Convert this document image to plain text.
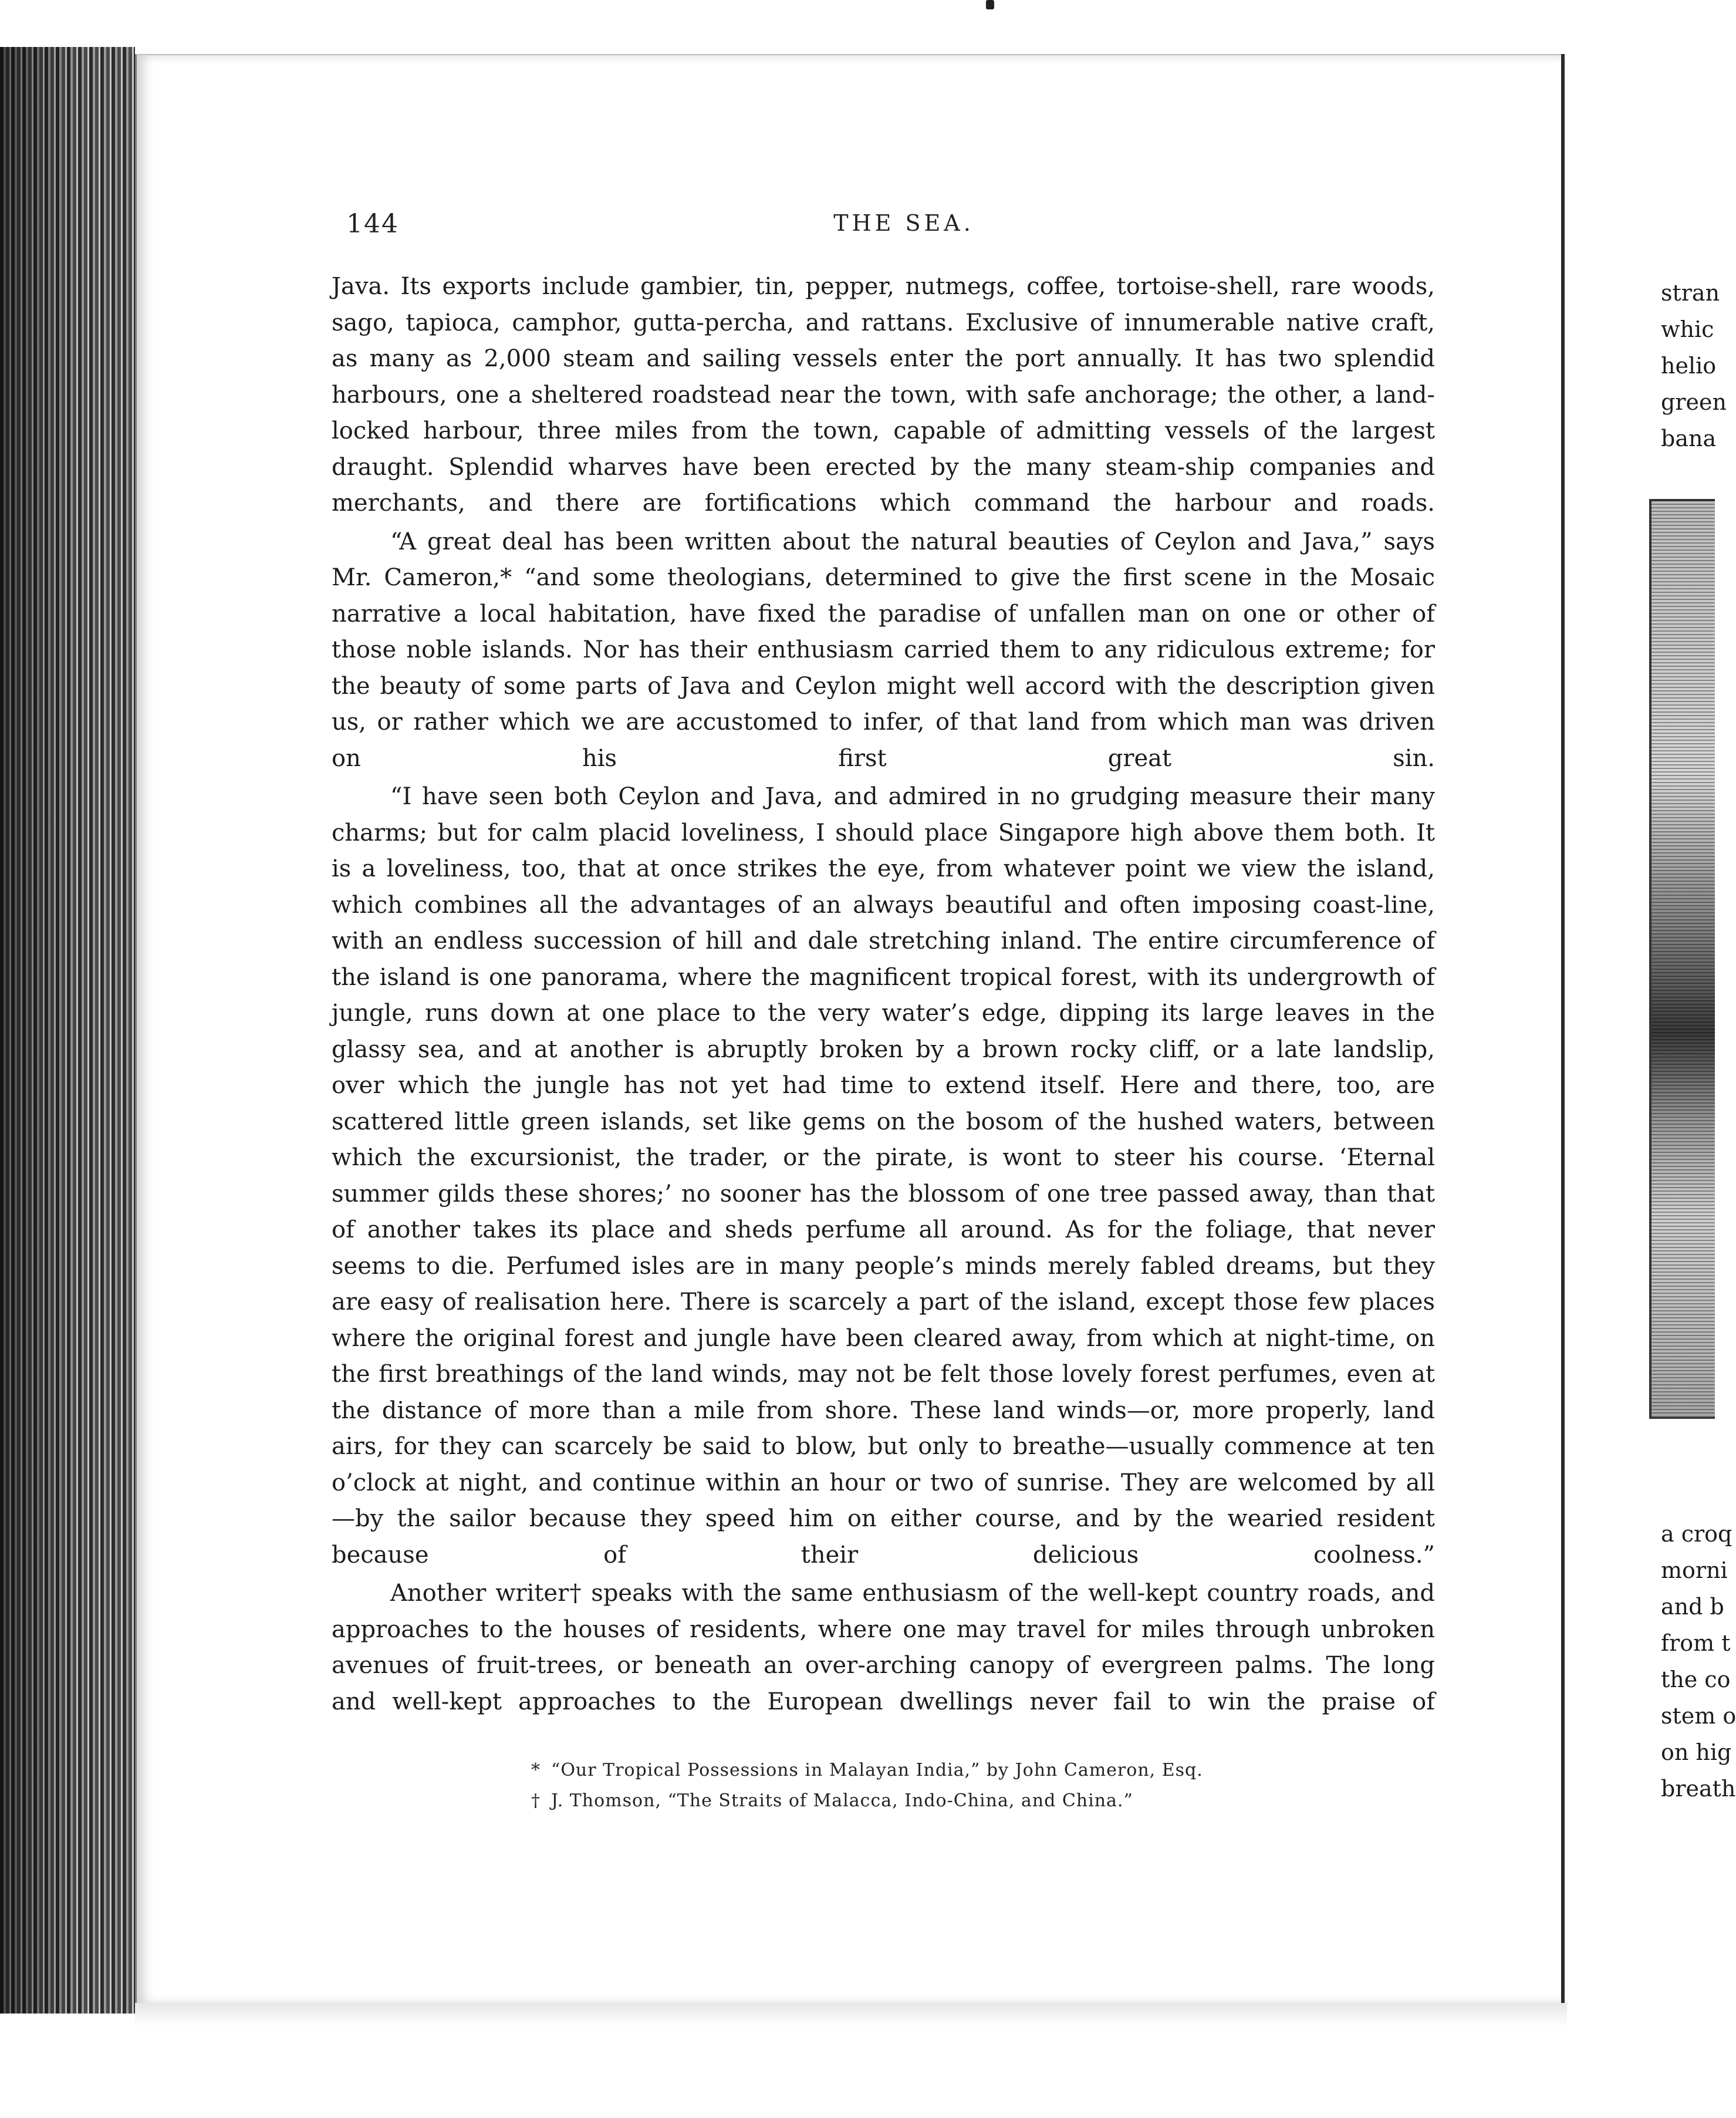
144	THE SEA.

Java. Its exports include gambier, tin, pepper, nutmegs, coffee, tortoise-shell, rare woods, sago, tapioca, camphor, gutta-percha, and rattans. Exclusive of innumerable native craft, as many as 2,000 steam and sailing vessels enter the port annually. It has two splendid harbours, one a sheltered roadstead near the town, with safe anchorage; the other, a land-locked harbour, three miles from the town, capable of admitting vessels of the largest draught. Splendid wharves have been erected by the many steam-ship companies and merchants, and there are fortifications which command the harbour and roads.

“A great deal has been written about the natural beauties of Ceylon and Java,” says Mr. Cameron,* “and some theologians, determined to give the first scene in the Mosaic narrative a local habitation, have fixed the paradise of unfallen man on one or other of those noble islands. Nor has their enthusiasm carried them to any ridiculous extreme; for the beauty of some parts of Java and Ceylon might well accord with the description given us, or rather which we are accustomed to infer, of that land from which man was driven on his first great sin.

“I have seen both Ceylon and Java, and admired in no grudging measure their many charms; but for calm placid loveliness, I should place Singapore high above them both. It is a loveliness, too, that at once strikes the eye, from whatever point we view the island, which combines all the advantages of an always beautiful and often imposing coast-line, with an endless succession of hill and dale stretching inland. The entire circumference of the island is one panorama, where the magnificent tropical forest, with its undergrowth of jungle, runs down at one place to the very water’s edge, dipping its large leaves in the glassy sea, and at another is abruptly broken by a brown rocky cliff, or a late landslip, over which the jungle has not yet had time to extend itself. Here and there, too, are scattered little green islands, set like gems on the bosom of the hushed waters, between which the excursionist, the trader, or the pirate, is wont to steer his course. ‘Eternal summer gilds these shores;’ no sooner has the blossom of one tree passed away, than that of another takes its place and sheds perfume all around. As for the foliage, that never seems to die. Perfumed isles are in many people’s minds merely fabled dreams, but they are easy of realisation here. There is scarcely a part of the island, except those few places where the original forest and jungle have been cleared away, from which at night-time, on the first breathings of the land winds, may not be felt those lovely forest perfumes, even at the distance of more than a mile from shore. These land winds—or, more properly, land airs, for they can scarcely be said to blow, but only to breathe—usually commence at ten o’clock at night, and continue within an hour or two of sunrise. They are welcomed by all—by the sailor because they speed him on either course, and by the wearied resident because of their delicious coolness.”

Another writer† speaks with the same enthusiasm of the well-kept country roads, and approaches to the houses of residents, where one may travel for miles through unbroken avenues of fruit-trees, or beneath an over-arching canopy of evergreen palms. The long and well-kept approaches to the European dwellings never fail to win the praise of

* “Our Tropical Possessions in Malayan India,” by John Cameron, Esq.
† J. Thomson, “The Straits of Malacca, Indo-China, and China.”
stran
whic
helio
green
bana
a croq
morni
and b
from t
the co
stem o
on hig
breath
